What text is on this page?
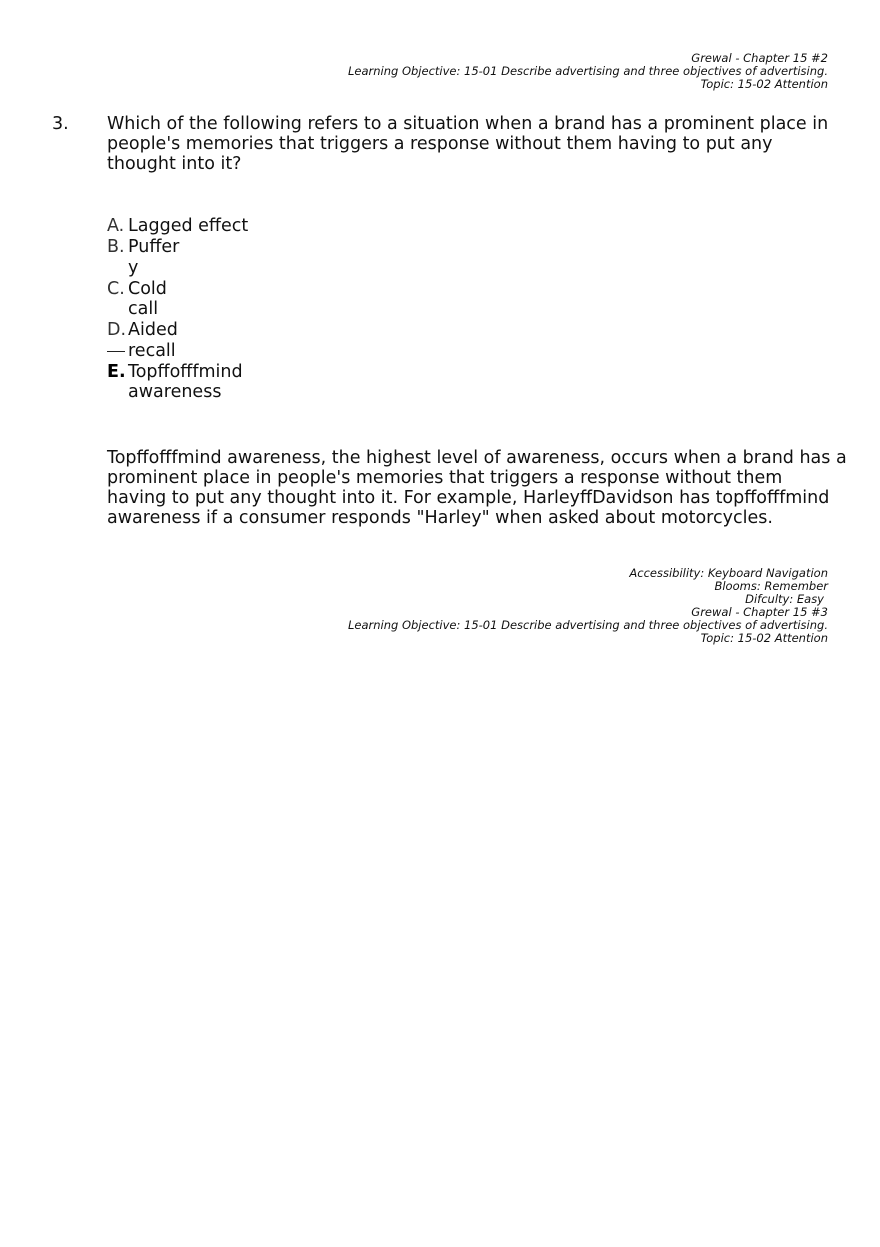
Grewal - Chapter 15 #2
Learning Objective: 15-01 Describe advertising and three objectives of advertising.
Topic: 15-02 Attention
3. Which of the following refers to a situation when a brand has a prominent place in people's memories that triggers a response without them having to put any thought into it?
A. Lagged effect
B. Puffer y
C. Cold call
D. Aided recall
E. Topffofffmind awareness
Topffofffmind awareness, the highest level of awareness, occurs when a brand has a prominent place in people's memories that triggers a response without them having to put any thought into it. For example, HarleyffDavidson has topffofffmind awareness if a consumer responds "Harley" when asked about motorcycles.
Accessibility: Keyboard Navigation
Blooms: Remember
Difculty: Easy
Grewal - Chapter 15 #3
Learning Objective: 15-01 Describe advertising and three objectives of advertising.
Topic: 15-02 Attention
